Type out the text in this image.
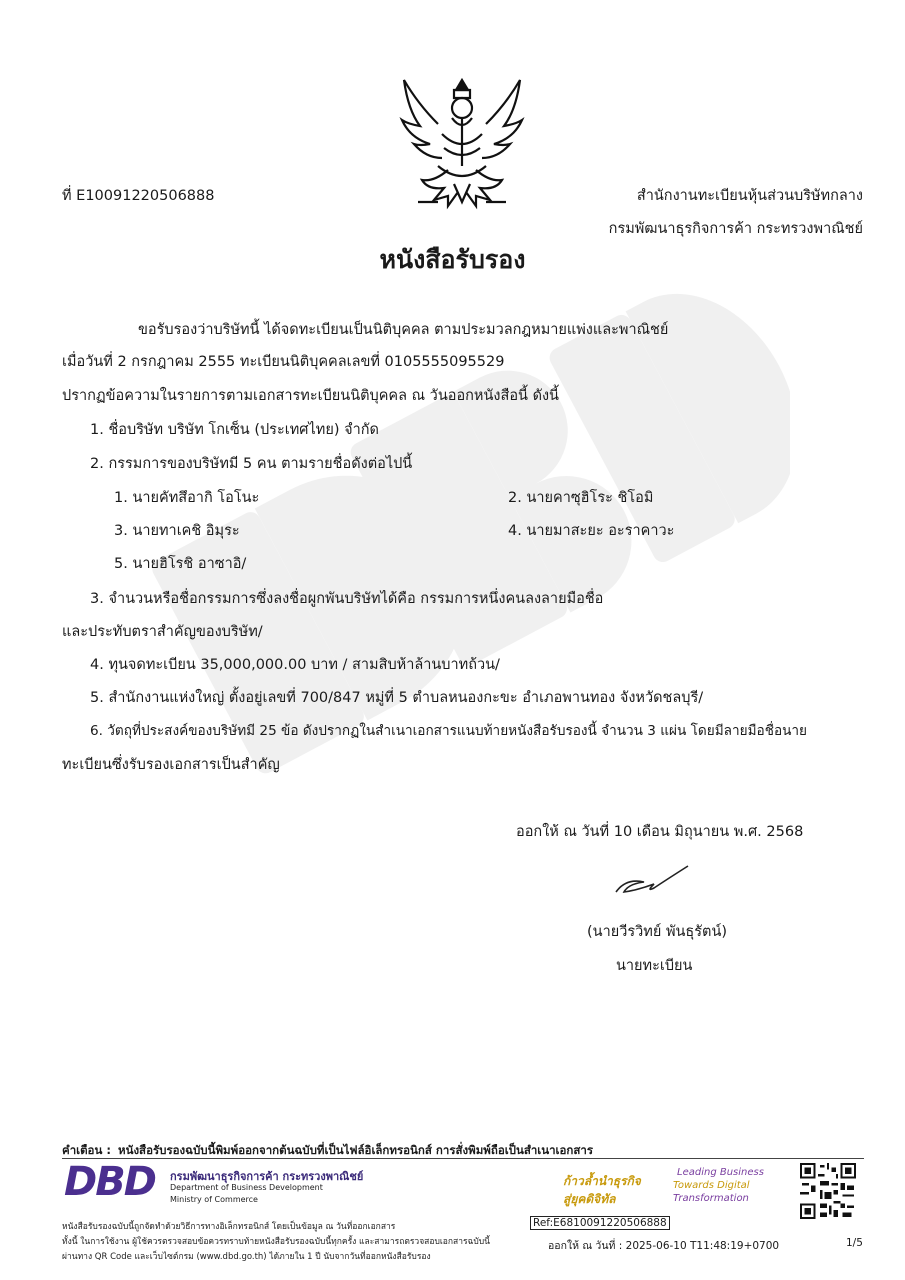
ที่ E10091220506888	สำนักงานทะเบียนหุ้นส่วนบริษัทกลาง
กรมพัฒนาธุรกิจการค้า กระทรวงพาณิชย์
หนังสือรับรอง
ขอรับรองว่าบริษัทนี้ ได้จดทะเบียนเป็นนิติบุคคล ตามประมวลกฎหมายแพ่งและพาณิชย์
เมื่อวันที่ 2 กรกฎาคม 2555 ทะเบียนนิติบุคคลเลขที่ 0105555095529
ปรากฏข้อความในรายการตามเอกสารทะเบียนนิติบุคคล ณ วันออกหนังสือนี้ ดังนี้
1. ชื่อบริษัท บริษัท โกเซ็น (ประเทศไทย) จำกัด
2. กรรมการของบริษัทมี 5 คน ตามรายชื่อดังต่อไปนี้
1. นายคัทสึอากิ โอโนะ	2. นายคาซุฮิโระ ชิโอมิ
3. นายทาเคชิ อิมุระ	4. นายมาสะยะ อะราคาวะ
5. นายฮิโรชิ อาซาอิ/
3. จำนวนหรือชื่อกรรมการซึ่งลงชื่อผูกพันบริษัทได้คือ กรรมการหนึ่งคนลงลายมือชื่อ
และประทับตราสำคัญของบริษัท/
4. ทุนจดทะเบียน 35,000,000.00 บาท / สามสิบห้าล้านบาทถ้วน/
5. สำนักงานแห่งใหญ่ ตั้งอยู่เลขที่ 700/847 หมู่ที่ 5 ตำบลหนองกะขะ อำเภอพานทอง จังหวัดชลบุรี/
6. วัตถุที่ประสงค์ของบริษัทมี 25 ข้อ ดังปรากฏในสำเนาเอกสารแนบท้ายหนังสือรับรองนี้ จำนวน 3 แผ่น โดยมีลายมือชื่อนาย
ทะเบียนซึ่งรับรองเอกสารเป็นสำคัญ
ออกให้ ณ วันที่ 10 เดือน มิถุนายน พ.ศ. 2568
(นายวีรวิทย์ พันธุรัตน์)
นายทะเบียน
คำเตือน : หนังสือรับรองฉบับนี้พิมพ์ออกจากต้นฉบับที่เป็นไฟล์อิเล็กทรอนิกส์ การสั่งพิมพ์ถือเป็นสำเนาเอกสาร
DBD กรมพัฒนาธุรกิจการค้า กระทรวงพาณิชย์
Department of Business Development
Ministry of Commerce
ก้าวล้ำนำธุรกิจ
สู่ยุคดิจิทัล
Leading Business
Towards Digital
Transformation
หนังสือรับรองฉบับนี้ถูกจัดทำด้วยวิธีการทางอิเล็กทรอนิกส์ โดยเป็นข้อมูล ณ วันที่ออกเอกสาร
ทั้งนี้ ในการใช้งาน ผู้ใช้ควรตรวจสอบข้อควรทราบท้ายหนังสือรับรองฉบับนี้ทุกครั้ง และสามารถตรวจสอบเอกสารฉบับนี้
ผ่านทาง QR Code และเว็บไซต์กรม (www.dbd.go.th) ได้ภายใน 1 ปี นับจากวันที่ออกหนังสือรับรอง
Ref:E6810091220506888
ออกให้ ณ วันที่ : 2025-06-10 T11:48:19+0700	1/5
